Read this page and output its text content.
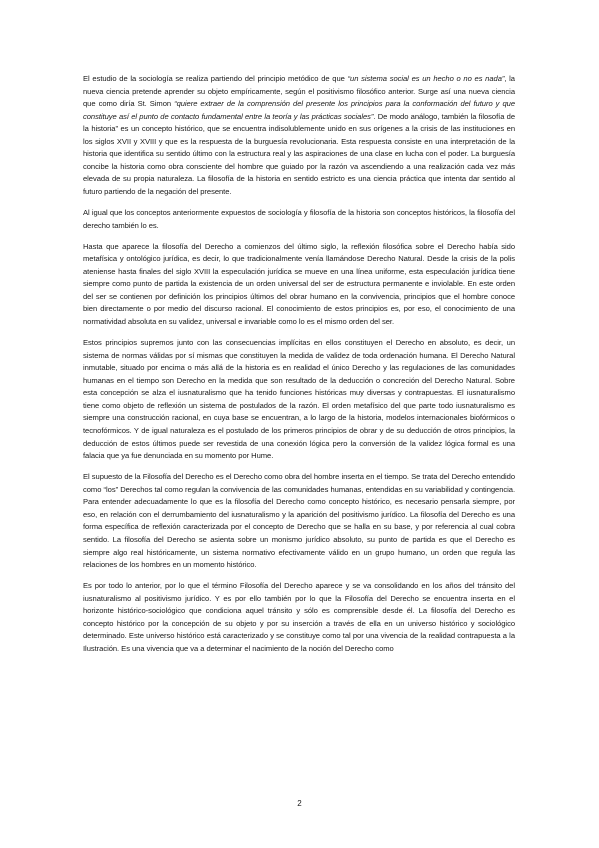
El estudio de la sociología se realiza partiendo del principio metódico de que “un sistema social es un hecho o no es nada”, la nueva ciencia pretende aprender su objeto empíricamente, según el positivismo filosófico anterior. Surge así una nueva ciencia que como diría St. Simon “quiere extraer de la comprensión del presente los principios para la conformación del futuro y que constituye así el punto de contacto fundamental entre la teoría y las prácticas sociales”. De modo análogo, también la filosofía de la historia” es un concepto histórico, que se encuentra indisolublemente unido en sus orígenes a la crisis de las instituciones en los siglos XVII y XVIII y que es la respuesta de la burguesía revolucionaria. Esta respuesta consiste en una interpretación de la historia que identifica su sentido último con la estructura real y las aspiraciones de una clase en lucha con el poder. La burguesía concibe la historia como obra consciente del hombre que guiado por la razón va ascendiendo a una realización cada vez más elevada de su propia naturaleza. La filosofía de la historia en sentido estricto es una ciencia práctica que intenta dar sentido al futuro partiendo de la negación del presente.

Al igual que los conceptos anteriormente expuestos de sociología y filosofía de la historia son conceptos históricos, la filosofía del derecho también lo es.

Hasta que aparece la filosofía del Derecho a comienzos del último siglo, la reflexión filosófica sobre el Derecho había sido metafísica y ontológico jurídica, es decir, lo que tradicionalmente venía llamándose Derecho Natural. Desde la crisis de la polis ateniense hasta finales del siglo XVIII la especulación jurídica se mueve en una línea uniforme, esta especulación jurídica tiene siempre como punto de partida la existencia de un orden universal del ser de estructura permanente e inviolable. En este orden del ser se contienen por definición los principios últimos del obrar humano en la convivencia, principios que el hombre conoce bien directamente o por medio del discurso racional. El conocimiento de estos principios es, por eso, el conocimiento de una normatividad absoluta en su validez, universal e invariable como lo es el mismo orden del ser.

Estos principios supremos junto con las consecuencias implícitas en ellos constituyen el Derecho en absoluto, es decir, un sistema de normas válidas por sí mismas que constituyen la medida de validez de toda ordenación humana. El Derecho Natural inmutable, situado por encima o más allá de la historia es en realidad el único Derecho y las regulaciones de las comunidades humanas en el tiempo son Derecho en la medida que son resultado de la deducción o concreción del Derecho Natural. Sobre esta concepción se alza el iusnaturalismo que ha tenido funciones históricas muy diversas y contrapuestas. El iusnaturalismo tiene como objeto de reflexión un sistema de postulados de la razón. El orden metafísico del que parte todo iusnaturalismo es siempre una construcción racional, en cuya base se encuentran, a lo largo de la historia, modelos internacionales biofórmicos o tecnofórmicos. Y de igual naturaleza es el postulado de los primeros principios de obrar y de su deducción de otros principios, la deducción de estos últimos puede ser revestida de una conexión lógica pero la conversión de la validez lógica formal es una falacia que ya fue denunciada en su momento por Hume.

El supuesto de la Filosofía del Derecho es el Derecho como obra del hombre inserta en el tiempo. Se trata del Derecho entendido como “los” Derechos tal como regulan la convivencia de las comunidades humanas, entendidas en su variabilidad y contingencia. Para entender adecuadamente lo que es la filosofía del Derecho como concepto histórico, es necesario pensarla siempre, por eso, en relación con el derrumbamiento del iusnaturalismo y la aparición del positivismo jurídico. La filosofía del Derecho es una forma específica de reflexión caracterizada por el concepto de Derecho que se halla en su base, y por referencia al cual cobra sentido. La filosofía del Derecho se asienta sobre un monismo jurídico absoluto, su punto de partida es que el Derecho es siempre algo real históricamente, un sistema normativo efectivamente válido en un grupo humano, un orden que regula las relaciones de los hombres en un momento histórico.

Es por todo lo anterior, por lo que el término Filosofía del Derecho aparece y se va consolidando en los años del tránsito del iusnaturalismo al positivismo jurídico. Y es por ello también por lo que la Filosofía del Derecho se encuentra inserta en el horizonte histórico-sociológico que condiciona aquel tránsito y sólo es comprensible desde él. La filosofía del Derecho es concepto histórico por la concepción de su objeto y por su inserción a través de ella en un universo histórico y sociológico determinado. Este universo histórico está caracterizado y se constituye como tal por una vivencia de la realidad contrapuesta a la Ilustración. Es una vivencia que va a determinar el nacimiento de la noción del Derecho como

2
